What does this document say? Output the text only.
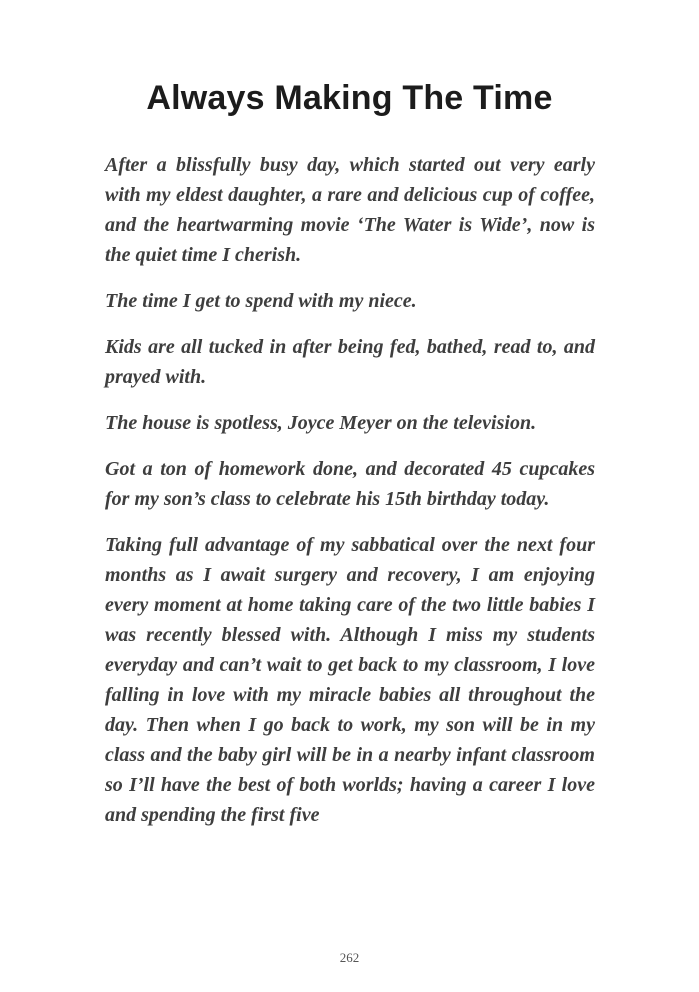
Always Making The Time

After a blissfully busy day, which started out very early with my eldest daughter, a rare and delicious cup of coffee, and the heartwarming movie ‘The Water is Wide’, now is the quiet time I cherish.

The time I get to spend with my niece.

Kids are all tucked in after being fed, bathed, read to, and prayed with.

The house is spotless, Joyce Meyer on the television.

Got a ton of homework done, and decorated 45 cupcakes for my son’s class to celebrate his 15th birthday today.

Taking full advantage of my sabbatical over the next four months as I await surgery and recovery, I am enjoying every moment at home taking care of the two little babies I was recently blessed with. Although I miss my students everyday and can’t wait to get back to my classroom, I love falling in love with my miracle babies all throughout the day. Then when I go back to work, my son will be in my class and the baby girl will be in a nearby infant classroom so I’ll have the best of both worlds; having a career I love and spending the first five

262
